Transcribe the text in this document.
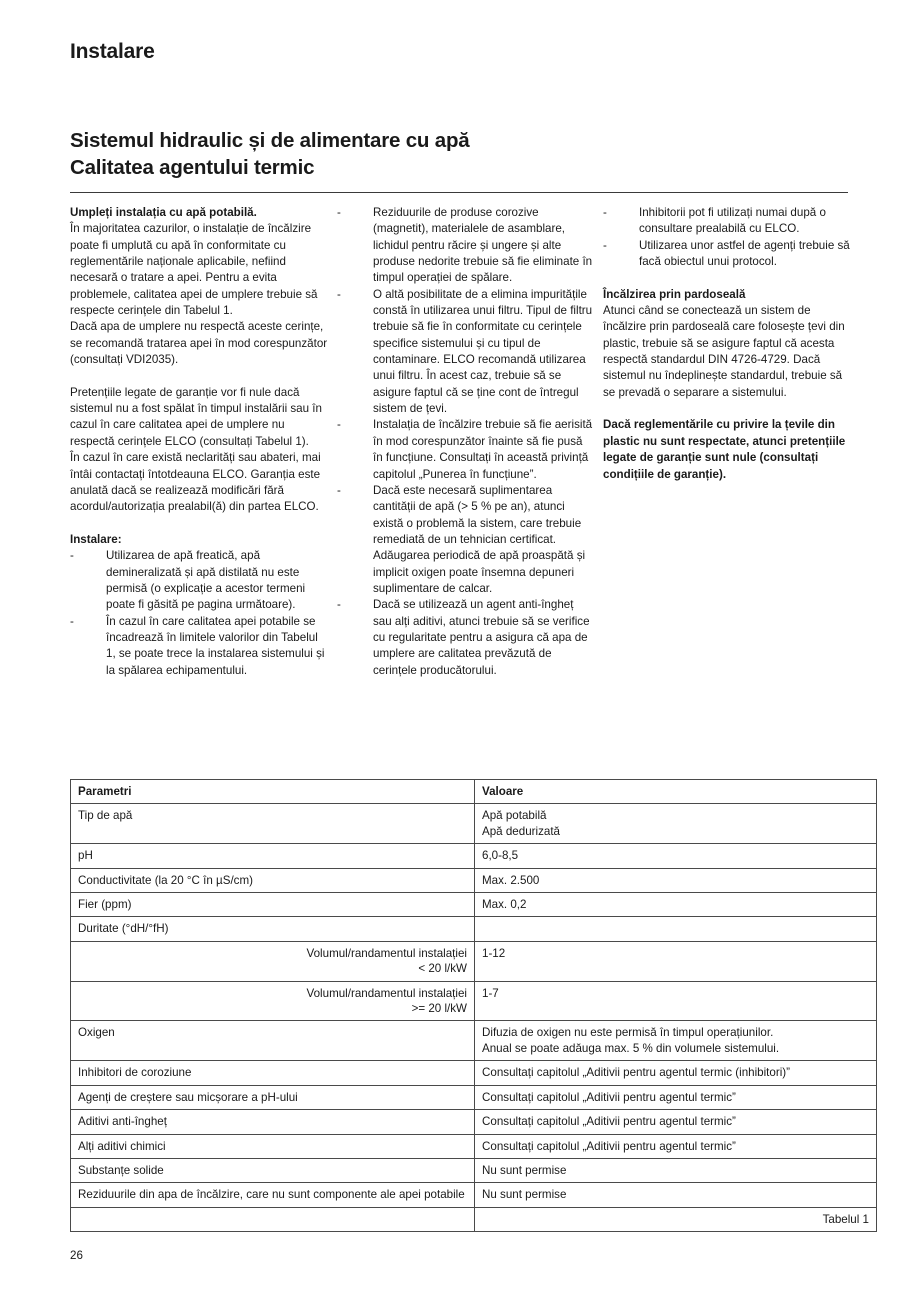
Instalare
Sistemul hidraulic și de alimentare cu apă
Calitatea agentului termic

Umpleți instalația cu apă potabilă.

În majoritatea cazurilor, o instalație de încălzire poate fi umplută cu apă în conformitate cu reglementările naționale aplicabile, nefiind necesară o tratare a apei. Pentru a evita problemele, calitatea apei de umplere trebuie să respecte cerințele din Tabelul 1.

Dacă apa de umplere nu respectă aceste cerințe, se recomandă tratarea apei în mod corespunzător (consultați VDI2035).

Pretențiile legate de garanție vor fi nule dacă sistemul nu a fost spălat în timpul instalării sau în cazul în care calitatea apei de umplere nu respectă cerințele ELCO (consultați Tabelul 1).

În cazul în care există neclarități sau abateri, mai întâi contactați întotdeauna ELCO. Garanția este anulată dacă se realizează modificări fără acordul/autorizația prealabil(ă) din partea ELCO.

Instalare:

-	Utilizarea de apă freatică, apă demineralizată și apă distilată nu este permisă (o explicație a acestor termeni poate fi găsită pe pagina următoare).
-	În cazul în care calitatea apei potabile se încadrează în limitele valorilor din Tabelul 1, se poate trece la instalarea sistemului și la spălarea echipamentului.
-	Reziduurile de produse corozive (magnetit), materialele de asamblare, lichidul pentru răcire și ungere și alte produse nedorite trebuie să fie eliminate în timpul operației de spălare.
-	O altă posibilitate de a elimina impuritățile constă în utilizarea unui filtru. Tipul de filtru trebuie să fie în conformitate cu cerințele specifice sistemului și cu tipul de contaminare. ELCO recomandă utilizarea unui filtru. În acest caz, trebuie să se asigure faptul că se ține cont de întregul sistem de țevi.
-	Instalația de încălzire trebuie să fie aerisită în mod corespunzător înainte să fie pusă în funcțiune. Consultați în această privință capitolul „Punerea în funcțiune”.
-	Dacă este necesară suplimentarea cantității de apă (> 5 % pe an), atunci există o problemă la sistem, care trebuie remediată de un tehnician certificat. Adăugarea periodică de apă proaspătă și implicit oxigen poate însemna depuneri suplimentare de calcar.
-	Dacă se utilizează un agent anti-îngheț sau alți aditivi, atunci trebuie să se verifice cu regularitate pentru a asigura că apa de umplere are calitatea prevăzută de cerințele producătorului.
-	Inhibitorii pot fi utilizați numai după o consultare prealabilă cu ELCO.
-	Utilizarea unor astfel de agenți trebuie să facă obiectul unui protocol.

Încălzirea prin pardoseală

Atunci când se conectează un sistem de încălzire prin pardoseală care folosește țevi din plastic, trebuie să se asigure faptul că acesta respectă standardul DIN 4726-4729. Dacă sistemul nu îndeplinește standardul, trebuie să se prevadă o separare a sistemului.

Dacă reglementările cu privire la țevile din plastic nu sunt respectate, atunci pretențiile legate de garanție sunt nule (consultați condițiile de garanție).

Parametri	Valoare
Tip de apă	Apă potabilă
Apă dedurizată
pH	6,0-8,5
Conductivitate (la 20 °C în µS/cm)	Max. 2.500
Fier (ppm)	Max. 0,2
Duritate (°dH/°fH)	
Volumul/randamentul instalației
< 20 l/kW	1-12
Volumul/randamentul instalației
>= 20 l/kW	1-7
Oxigen	Difuzia de oxigen nu este permisă în timpul operațiunilor.
Anual se poate adăuga max. 5 % din volumele sistemului.
Inhibitori de coroziune	Consultați capitolul „Aditivii pentru agentul termic (inhibitori)”
Agenți de creștere sau micșorare a pH-ului	Consultați capitolul „Aditivii pentru agentul termic”
Aditivi anti-îngheț	Consultați capitolul „Aditivii pentru agentul termic”
Alți aditivi chimici	Consultați capitolul „Aditivii pentru agentul termic”
Substanțe solide	Nu sunt permise
Reziduurile din apa de încălzire, care nu sunt componente ale apei potabile	Nu sunt permise
	Tabelul 1
26
